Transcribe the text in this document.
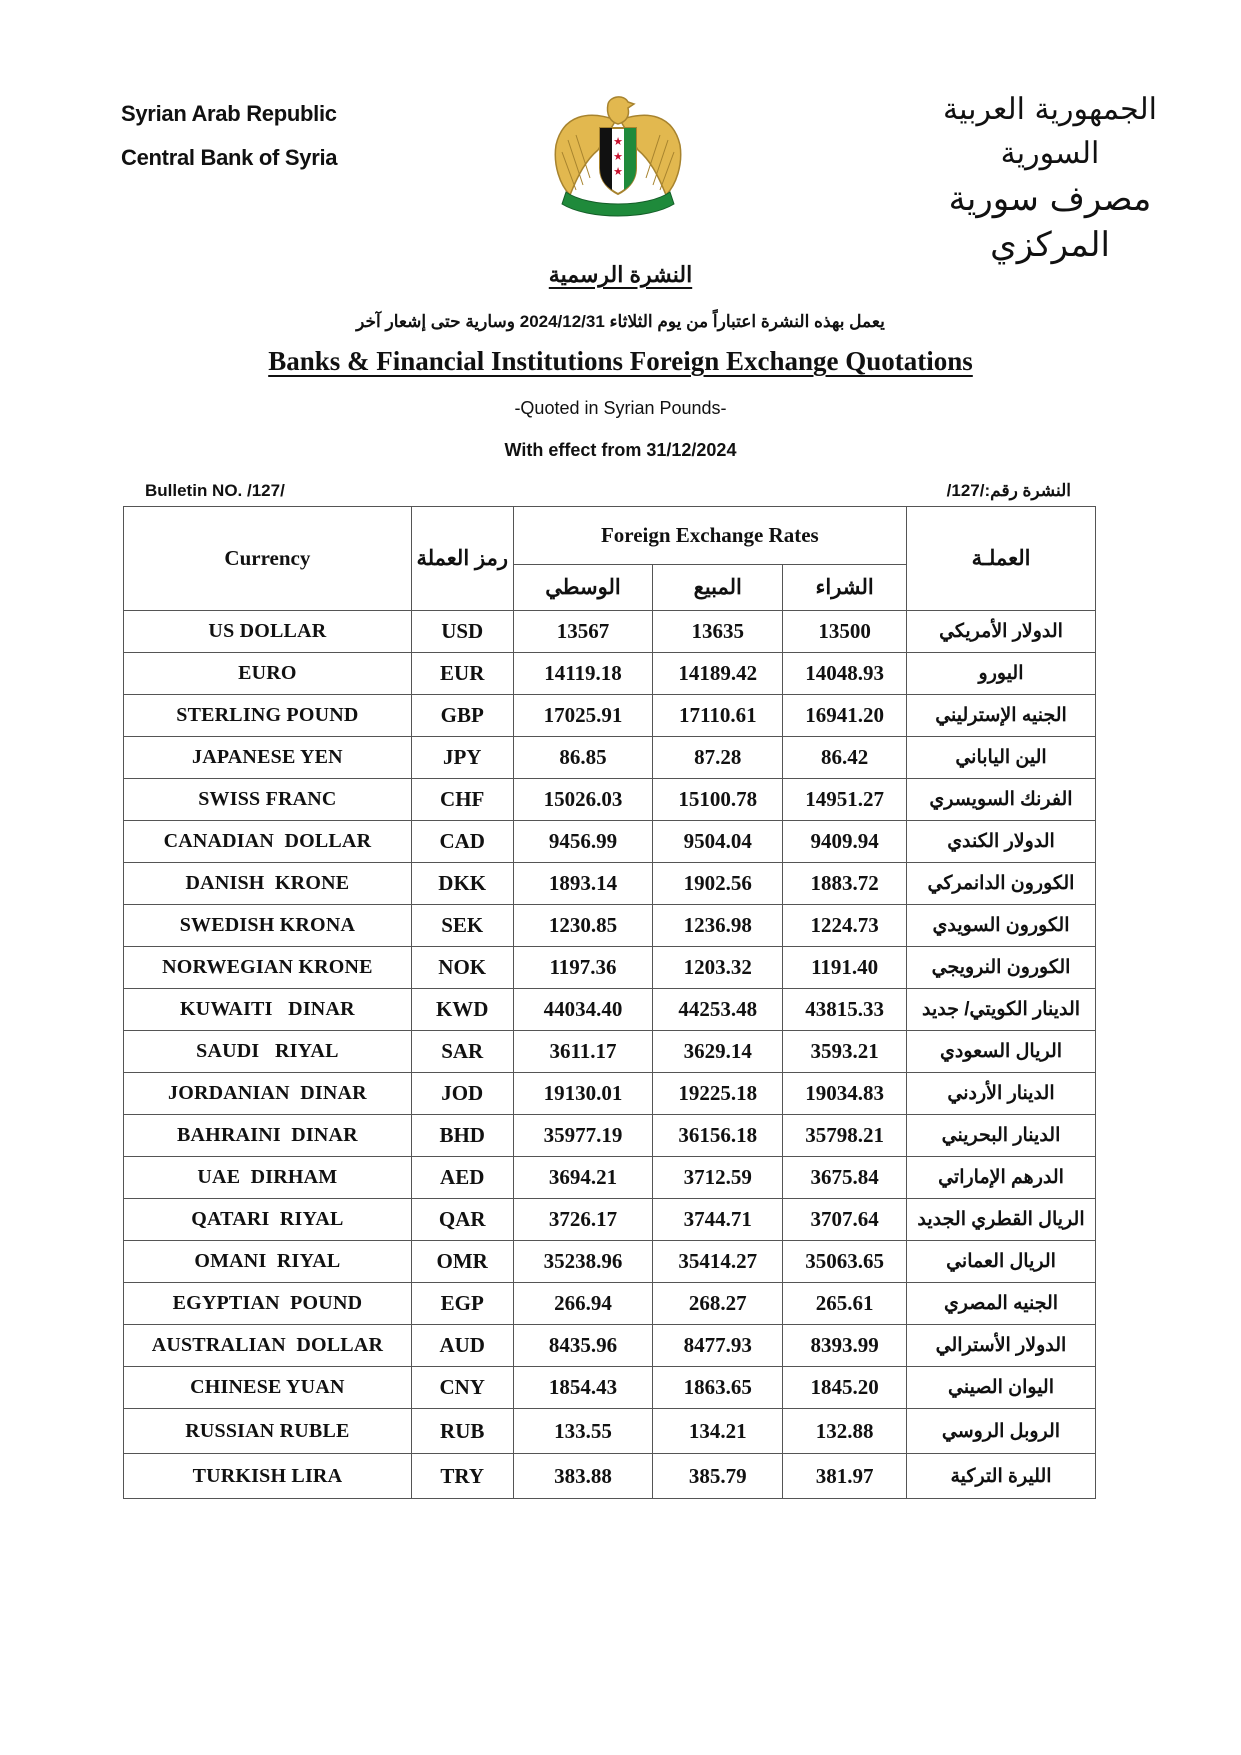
Syrian Arab Republic
Central Bank of Syria
★
★
★
الجمهورية العربية السورية
مصرف سورية المركزي
النشرة الرسمية
يعمل بهذه النشرة اعتباراً من يوم الثلاثاء 2024/12/31 وسارية حتى إشعار آخر
Banks & Financial Institutions Foreign Exchange Quotations
-Quoted in Syrian Pounds-
With effect from 31/12/2024
Bulletin NO. /127/	النشرة رقم:/127/
Currency	رمز العملة	Foreign Exchange Rates			العملـة
		الوسطي	المبيع	الشراء	
US DOLLAR	USD	13567	13635	13500	الدولار الأمريكي
EURO	EUR	14119.18	14189.42	14048.93	اليورو
STERLING POUND	GBP	17025.91	17110.61	16941.20	الجنيه الإسترليني
JAPANESE YEN	JPY	86.85	87.28	86.42	الين الياباني
SWISS FRANC	CHF	15026.03	15100.78	14951.27	الفرنك السويسري
CANADIAN  DOLLAR	CAD	9456.99	9504.04	9409.94	الدولار الكندي
DANISH  KRONE	DKK	1893.14	1902.56	1883.72	الكورون الدانمركي
SWEDISH KRONA	SEK	1230.85	1236.98	1224.73	الكورون السويدي
NORWEGIAN KRONE	NOK	1197.36	1203.32	1191.40	الكورون النرويجي
KUWAITI   DINAR	KWD	44034.40	44253.48	43815.33	الدينار الكويتي/ جديد
SAUDI   RIYAL	SAR	3611.17	3629.14	3593.21	الريال السعودي
JORDANIAN  DINAR	JOD	19130.01	19225.18	19034.83	الدينار الأردني
BAHRAINI  DINAR	BHD	35977.19	36156.18	35798.21	الدينار البحريني
UAE  DIRHAM	AED	3694.21	3712.59	3675.84	الدرهم الإماراتي
QATARI  RIYAL	QAR	3726.17	3744.71	3707.64	الريال القطري الجديد
OMANI  RIYAL	OMR	35238.96	35414.27	35063.65	الريال العماني
EGYPTIAN  POUND	EGP	266.94	268.27	265.61	الجنيه المصري
AUSTRALIAN  DOLLAR	AUD	8435.96	8477.93	8393.99	الدولار الأسترالي
CHINESE YUAN	CNY	1854.43	1863.65	1845.20	اليوان الصيني
RUSSIAN RUBLE	RUB	133.55	134.21	132.88	الروبل الروسي
TURKISH LIRA	TRY	383.88	385.79	381.97	الليرة التركية
